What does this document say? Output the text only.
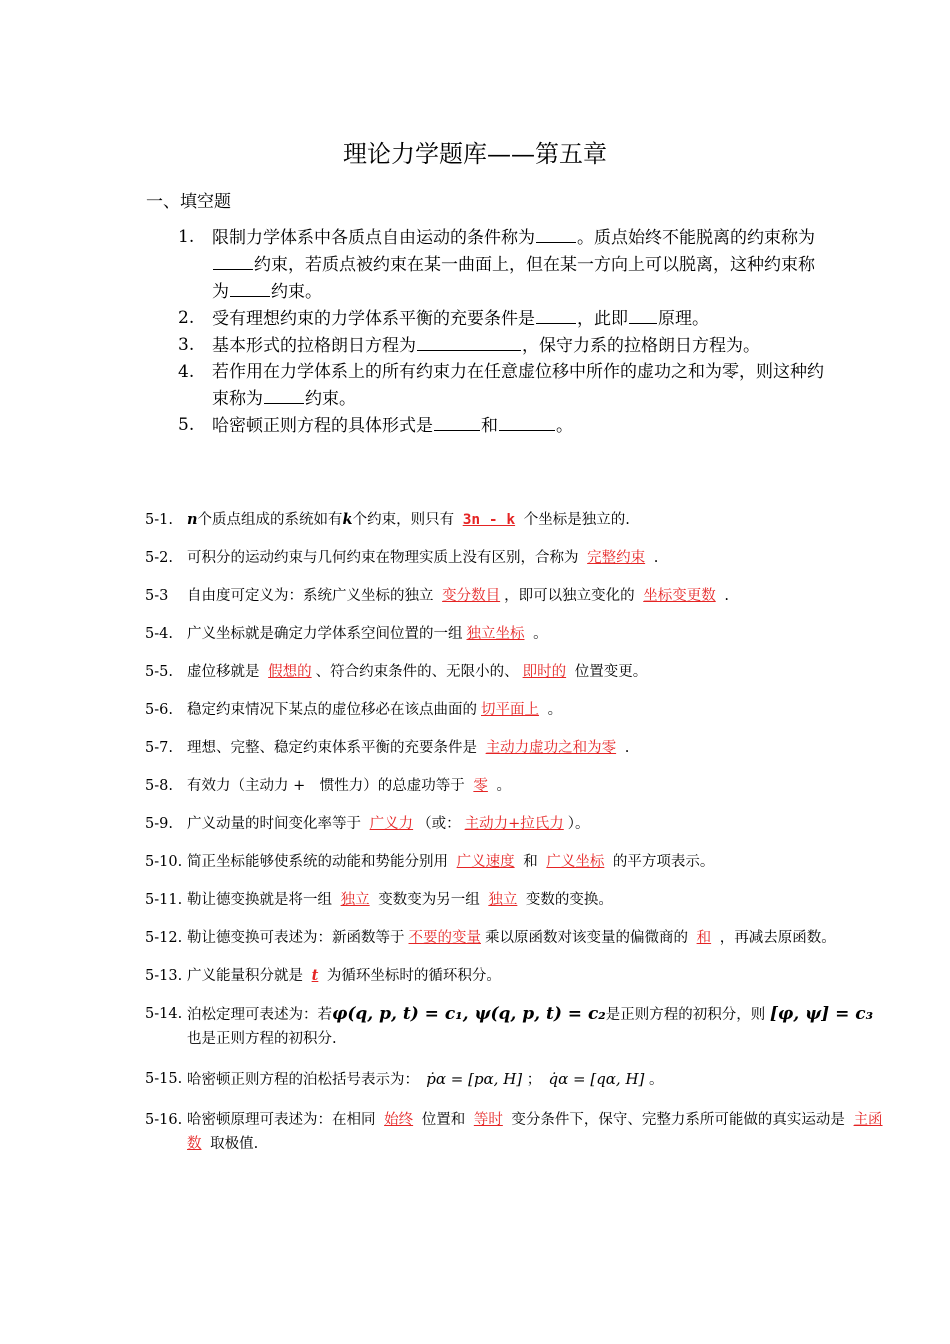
理论力学题库——第五章
一、填空题
1.	限制力学体系中各质点自由运动的条件称为 。质点始终不能脱离的约束称为约束，若质点被约束在某一曲面上，但在某一方向上可以脱离，这种约束称为 约束。
2.	受有理想约束的力学体系平衡的充要条件是 ，此即 原理。
3.	基本形式的拉格朗日方程为	，保守力系的拉格朗日方程为。
4.	若作用在力学体系上的所有约束力在任意虚位移中所作的虚功之和为零，则这种约束称为 约束。
5.	哈密顿正则方程的具体形式是	和	。
5-1. n个质点组成的系统如有k个约束，则只有 3n - k 个坐标是独立的.
5-2. 可积分的运动约束与几何约束在物理实质上没有区别，合称为 完整约束 .
5-3 自由度可定义为：系统广义坐标的独立 变分数目 ，即可以独立变化的 坐标变更数 .
5-4. 广义坐标就是确定力学体系空间位置的一组 独立坐标 。
5-5. 虚位移就是 假想的 、符合约束条件的、无限小的、 即时的 位置变更。
5-6. 稳定约束情况下某点的虚位移必在该点曲面的 切平面上 。
5-7. 理想、完整、稳定约束体系平衡的充要条件是 主动力虚功之和为零 .
5-8. 有效力（主动力 +　惯性力）的总虚功等于 零 。
5-9. 广义动量的时间变化率等于 广义力 （或： 主动力+拉氏力 ）。
5-10. 简正坐标能够使系统的动能和势能分别用 广义速度 和 广义坐标 的平方项表示。
5-11. 勒让德变换就是将一组 独立 变数变为另一组 独立 变数的变换。
5-12. 勒让德变换可表述为：新函数等于 不要的变量 乘以原函数对该变量的偏微商的 和 ，再减去原函数。
5-13. 广义能量积分就是 t 为循环坐标时的循环积分。
5-14. 泊松定理可表述为：若φ(q, p, t) = c₁, ψ(q, p, t) = c₂是正则方程的初积分，则 [φ, ψ] = c₃ 也是正则方程的初积分.
5-15. 哈密顿正则方程的泊松括号表示为：　ṗα = [pα, H] ；　q̇α = [qα, H] 。
5-16. 哈密顿原理可表述为：在相同 始终 位置和 等时 变分条件下，保守、完整力系所可能做的真实运动是 主函数 取极值.
